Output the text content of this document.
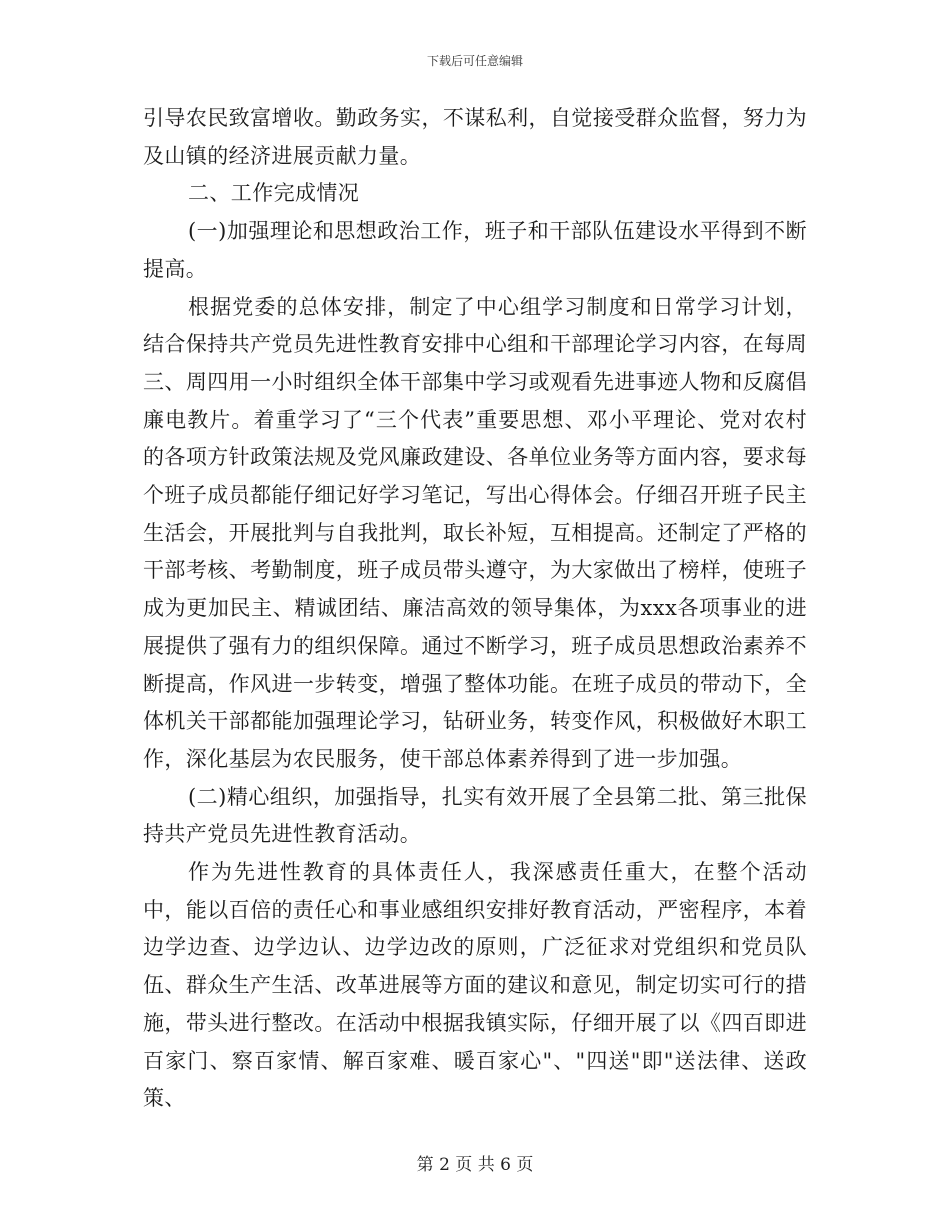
下载后可任意编辑

引导农民致富增收。勤政务实，不谋私利，自觉接受群众监督，努力为及山镇的经济进展贡献力量。

二、工作完成情况

(一)加强理论和思想政治工作，班子和干部队伍建设水平得到不断提高。

根据党委的总体安排，制定了中心组学习制度和日常学习计划，结合保持共产党员先进性教育安排中心组和干部理论学习内容，在每周三、周四用一小时组织全体干部集中学习或观看先进事迹人物和反腐倡廉电教片。着重学习了“三个代表”重要思想、邓小平理论、党对农村的各项方针政策法规及党风廉政建设、各单位业务等方面内容，要求每个班子成员都能仔细记好学习笔记，写出心得体会。仔细召开班子民主生活会，开展批判与自我批判，取长补短，互相提高。还制定了严格的干部考核、考勤制度，班子成员带头遵守，为大家做出了榜样，使班子成为更加民主、精诚团结、廉洁高效的领导集体，为xxx各项事业的进展提供了强有力的组织保障。通过不断学习，班子成员思想政治素养不断提高，作风进一步转变，增强了整体功能。在班子成员的带动下，全体机关干部都能加强理论学习，钻研业务，转变作风，积极做好木职工作，深化基层为农民服务，使干部总体素养得到了进一步加强。

(二)精心组织，加强指导，扎实有效开展了全县第二批、第三批保持共产党员先进性教育活动。

作为先进性教育的具体责任人，我深感责任重大，在整个活动中，能以百倍的责任心和事业感组织安排好教育活动，严密程序，本着边学边查、边学边认、边学边改的原则，广泛征求对党组织和党员队伍、群众生产生活、改革进展等方面的建议和意见，制定切实可行的措施，带头进行整改。在活动中根据我镇实际，仔细开展了以《四百即进百家门、察百家情、解百家难、暖百家心"、"四送"即"送法律、送政策、

第 2 页 共 6 页
